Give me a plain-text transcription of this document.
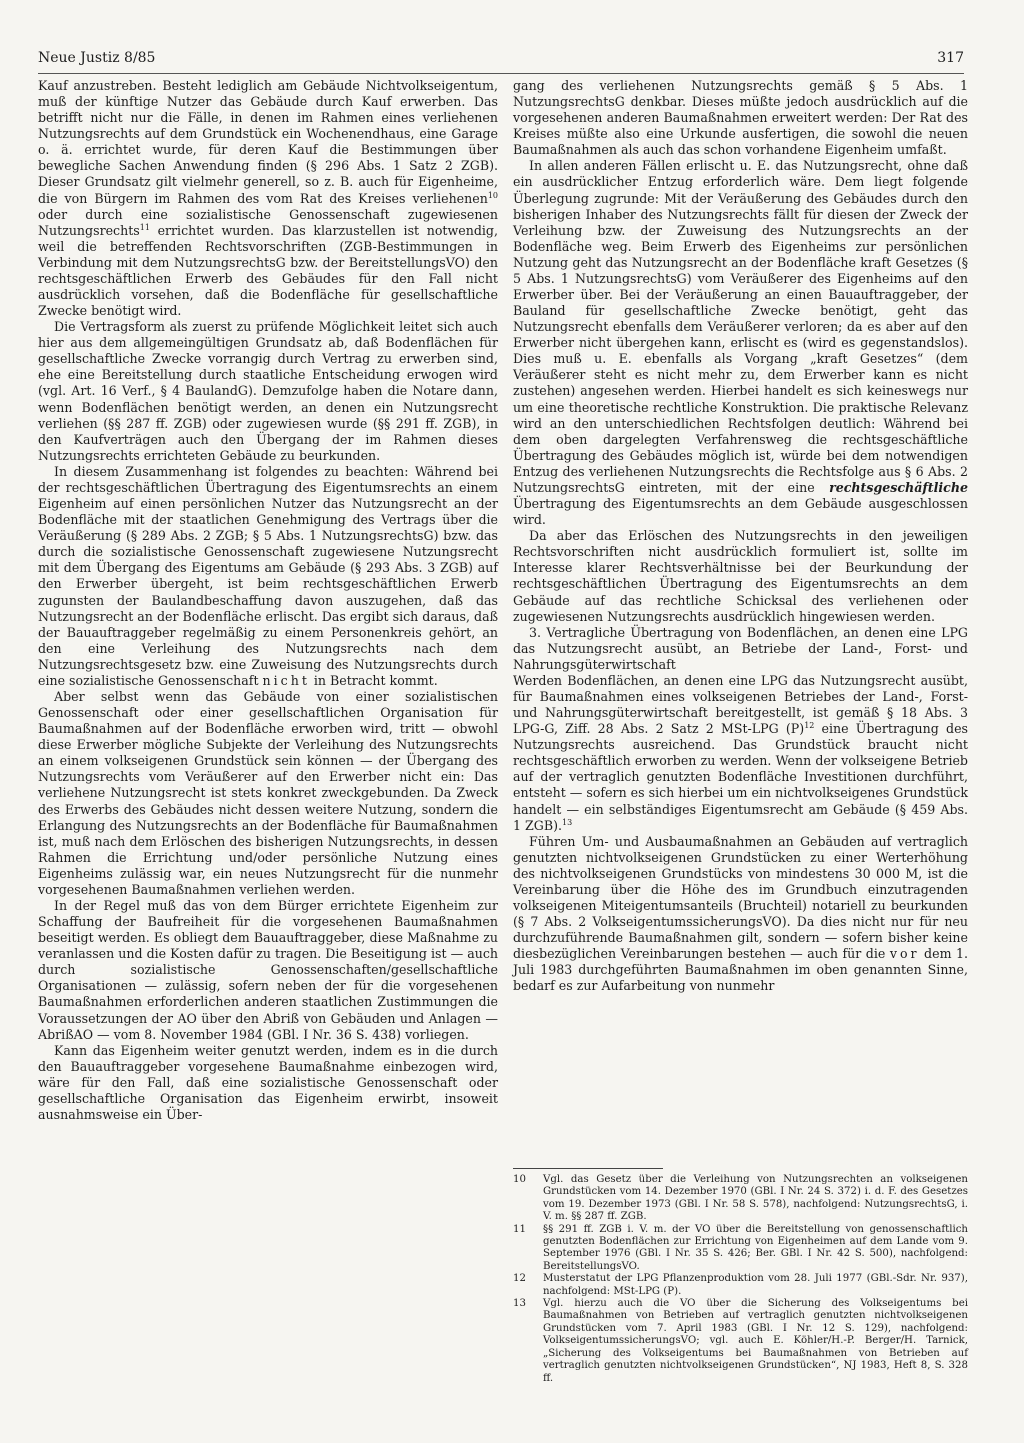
Neue Justiz 8/85	317

Kauf anzustreben. Besteht lediglich am Gebäude Nichtvolkseigentum, muß der künftige Nutzer das Gebäude durch Kauf erwerben. Das betrifft nicht nur die Fälle, in denen im Rahmen eines verliehenen Nutzungsrechts auf dem Grundstück ein Wochenendhaus, eine Garage o. ä. errichtet wurde, für deren Kauf die Bestimmungen über bewegliche Sachen Anwendung finden (§ 296 Abs. 1 Satz 2 ZGB). Dieser Grundsatz gilt vielmehr generell, so z. B. auch für Eigenheime, die von Bürgern im Rahmen des vom Rat des Kreises verliehenen$^{10}$ oder durch eine sozialistische Genossenschaft zugewiesenen Nutzungsrechts$^{11}$ errichtet wurden. Das klarzustellen ist notwendig, weil die betreffenden Rechtsvorschriften (ZGB-Bestimmungen in Verbindung mit dem NutzungsrechtsG bzw. der BereitstellungsVO) den rechtsgeschäftlichen Erwerb des Gebäudes für den Fall nicht ausdrücklich vorsehen, daß die Bodenfläche für gesellschaftliche Zwecke benötigt wird.

Die Vertragsform als zuerst zu prüfende Möglichkeit leitet sich auch hier aus dem allgemeingültigen Grundsatz ab, daß Bodenflächen für gesellschaftliche Zwecke vorrangig durch Vertrag zu erwerben sind, ehe eine Bereitstellung durch staatliche Entscheidung erwogen wird (vgl. Art. 16 Verf., § 4 BaulandG). Demzufolge haben die Notare dann, wenn Bodenflächen benötigt werden, an denen ein Nutzungsrecht verliehen (§§ 287 ff. ZGB) oder zugewiesen wurde (§§ 291 ff. ZGB), in den Kaufverträgen auch den Übergang der im Rahmen dieses Nutzungsrechts errichteten Gebäude zu beurkunden.

In diesem Zusammenhang ist folgendes zu beachten: Während bei der rechtsgeschäftlichen Übertragung des Eigentumsrechts an einem Eigenheim auf einen persönlichen Nutzer das Nutzungsrecht an der Bodenfläche mit der staatlichen Genehmigung des Vertrags über die Veräußerung (§ 289 Abs. 2 ZGB; § 5 Abs. 1 NutzungsrechtsG) bzw. das durch die sozialistische Genossenschaft zugewiesene Nutzungsrecht mit dem Übergang des Eigentums am Gebäude (§ 293 Abs. 3 ZGB) auf den Erwerber übergeht, ist beim rechtsgeschäftlichen Erwerb zugunsten der Baulandbeschaffung davon auszugehen, daß das Nutzungsrecht an der Bodenfläche erlischt. Das ergibt sich daraus, daß der Bauauftraggeber regelmäßig zu einem Personenkreis gehört, an den eine Verleihung des Nutzungsrechts nach dem Nutzungsrechtsgesetz bzw. eine Zuweisung des Nutzungsrechts durch eine sozialistische Genossenschaft nicht in Betracht kommt.

Aber selbst wenn das Gebäude von einer sozialistischen Genossenschaft oder einer gesellschaftlichen Organisation für Baumaßnahmen auf der Bodenfläche erworben wird, tritt — obwohl diese Erwerber mögliche Subjekte der Verleihung des Nutzungsrechts an einem volkseigenen Grundstück sein können — der Übergang des Nutzungsrechts vom Veräußerer auf den Erwerber nicht ein: Das verliehene Nutzungsrecht ist stets konkret zweckgebunden. Da Zweck des Erwerbs des Gebäudes nicht dessen weitere Nutzung, sondern die Erlangung des Nutzungsrechts an der Bodenfläche für Baumaßnahmen ist, muß nach dem Erlöschen des bisherigen Nutzungsrechts, in dessen Rahmen die Errichtung und/oder persönliche Nutzung eines Eigenheims zulässig war, ein neues Nutzungsrecht für die nunmehr vorgesehenen Baumaßnahmen verliehen werden.

In der Regel muß das von dem Bürger errichtete Eigenheim zur Schaffung der Baufreiheit für die vorgesehenen Baumaßnahmen beseitigt werden. Es obliegt dem Bauauftraggeber, diese Maßnahme zu veranlassen und die Kosten dafür zu tragen. Die Beseitigung ist — auch durch sozialistische Genossenschaften/gesellschaftliche Organisationen — zulässig, sofern neben der für die vorgesehenen Baumaßnahmen erforderlichen anderen staatlichen Zustimmungen die Voraussetzungen der AO über den Abriß von Gebäuden und Anlagen — AbrißAO — vom 8. November 1984 (GBl. I Nr. 36 S. 438) vorliegen.

Kann das Eigenheim weiter genutzt werden, indem es in die durch den Bauauftraggeber vorgesehene Baumaßnahme einbezogen wird, wäre für den Fall, daß eine sozialistische Genossenschaft oder gesellschaftliche Organisation das Eigenheim erwirbt, insoweit ausnahmsweise ein Über-

gang des verliehenen Nutzungsrechts gemäß § 5 Abs. 1 NutzungsrechtsG denkbar. Dieses müßte jedoch ausdrücklich auf die vorgesehenen anderen Baumaßnahmen erweitert werden: Der Rat des Kreises müßte also eine Urkunde ausfertigen, die sowohl die neuen Baumaßnahmen als auch das schon vorhandene Eigenheim umfaßt.

In allen anderen Fällen erlischt u. E. das Nutzungsrecht, ohne daß ein ausdrücklicher Entzug erforderlich wäre. Dem liegt folgende Überlegung zugrunde: Mit der Veräußerung des Gebäudes durch den bisherigen Inhaber des Nutzungsrechts fällt für diesen der Zweck der Verleihung bzw. der Zuweisung des Nutzungsrechts an der Bodenfläche weg. Beim Erwerb des Eigenheims zur persönlichen Nutzung geht das Nutzungsrecht an der Bodenfläche kraft Gesetzes (§ 5 Abs. 1 NutzungsrechtsG) vom Veräußerer des Eigenheims auf den Erwerber über. Bei der Veräußerung an einen Bauauftraggeber, der Bauland für gesellschaftliche Zwecke benötigt, geht das Nutzungsrecht ebenfalls dem Veräußerer verloren; da es aber auf den Erwerber nicht übergehen kann, erlischt es (wird es gegenstandslos). Dies muß u. E. ebenfalls als Vorgang „kraft Gesetzes“ (dem Veräußerer steht es nicht mehr zu, dem Erwerber kann es nicht zustehen) angesehen werden. Hierbei handelt es sich keineswegs nur um eine theoretische rechtliche Konstruktion. Die praktische Relevanz wird an den unterschiedlichen Rechtsfolgen deutlich: Während bei dem oben dargelegten Verfahrensweg die rechtsgeschäftliche Übertragung des Gebäudes möglich ist, würde bei dem notwendigen Entzug des verliehenen Nutzungsrechts die Rechtsfolge aus § 6 Abs. 2 NutzungsrechtsG eintreten, mit der eine rechtsgeschäftliche Übertragung des Eigentumsrechts an dem Gebäude ausgeschlossen wird.

Da aber das Erlöschen des Nutzungsrechts in den jeweiligen Rechtsvorschriften nicht ausdrücklich formuliert ist, sollte im Interesse klarer Rechtsverhältnisse bei der Beurkundung der rechtsgeschäftlichen Übertragung des Eigentumsrechts an dem Gebäude auf das rechtliche Schicksal des verliehenen oder zugewiesenen Nutzungsrechts ausdrücklich hingewiesen werden.

3. Vertragliche Übertragung von Bodenflächen, an denen eine LPG das Nutzungsrecht ausübt, an Betriebe der Land-, Forst- und Nahrungsgüterwirtschaft

Werden Bodenflächen, an denen eine LPG das Nutzungsrecht ausübt, für Baumaßnahmen eines volkseigenen Betriebes der Land-, Forst- und Nahrungsgüterwirtschaft bereitgestellt, ist gemäß § 18 Abs. 3 LPG-G, Ziff. 28 Abs. 2 Satz 2 MSt-LPG $(P)^{12}$ eine Übertragung des Nutzungsrechts ausreichend. Das Grundstück braucht nicht rechtsgeschäftlich erworben zu werden. Wenn der volkseigene Betrieb auf der vertraglich genutzten Bodenfläche Investitionen durchführt, entsteht — sofern es sich hierbei um ein nichtvolkseigenes Grundstück handelt — ein selbständiges Eigentumsrecht am Gebäude (§ 459 Abs. 1 ZGB).$^{13}$

Führen Um- und Ausbaumaßnahmen an Gebäuden auf vertraglich genutzten nichtvolkseigenen Grundstücken zu einer Werterhöhung des nichtvolkseigenen Grundstücks von mindestens 30 000 M, ist die Vereinbarung über die Höhe des im Grundbuch einzutragenden volkseigenen Miteigentumsanteils (Bruchteil) notariell zu beurkunden (§ 7 Abs. 2 VolkseigentumssicherungsVO). Da dies nicht nur für neu durchzuführende Baumaßnahmen gilt, sondern — sofern bisher keine diesbezüglichen Vereinbarungen bestehen — auch für die vor dem 1. Juli 1983 durchgeführten Baumaßnahmen im oben genannten Sinne, bedarf es zur Aufarbeitung von nunmehr

10	Vgl. das Gesetz über die Verleihung von Nutzungsrechten an volkseigenen Grundstücken vom 14. Dezember 1970 (GBl. I Nr. 24 S. 372) i. d. F. des Gesetzes vom 19. Dezember 1973 (GBl. I Nr. 58 S. 578), nachfolgend: NutzungsrechtsG, i. V. m. §§ 287 ff. ZGB.
11	§§ 291 ff. ZGB i. V. m. der VO über die Bereitstellung von genossenschaftlich genutzten Bodenflächen zur Errichtung von Eigenheimen auf dem Lande vom 9. September 1976 (GBl. I Nr. 35 S. 426; Ber. GBl. I Nr. 42 S. 500), nachfolgend: BereitstellungsVO.
12	Musterstatut der LPG Pflanzenproduktion vom 28. Juli 1977 (GBl.-Sdr. Nr. 937), nachfolgend: MSt-LPG (P).
13	Vgl. hierzu auch die VO über die Sicherung des Volkseigentums bei Baumaßnahmen von Betrieben auf vertraglich genutzten nichtvolkseigenen Grundstücken vom 7. April 1983 (GBl. I Nr. 12 S. 129), nachfolgend: VolkseigentumssicherungsVO; vgl. auch E. Köhler/H.-P. Berger/H. Tarnick, „Sicherung des Volkseigentums bei Baumaßnahmen von Betrieben auf vertraglich genutzten nichtvolkseigenen Grundstücken“, NJ 1983, Heft 8, S. 328 ff.
